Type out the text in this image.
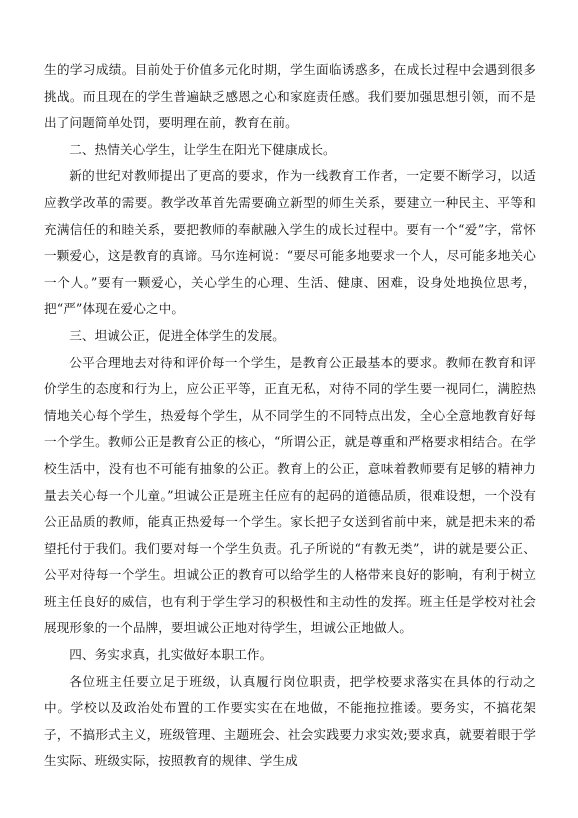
生的学习成绩。目前处于价值多元化时期，学生面临诱惑多，在成长过程中会遇到很多挑战。而且现在的学生普遍缺乏感恩之心和家庭责任感。我们要加强思想引领，而不是出了问题简单处罚，要明理在前，教育在前。

二、热情关心学生，让学生在阳光下健康成长。

新的世纪对教师提出了更高的要求，作为一线教育工作者，一定要不断学习，以适应教学改革的需要。教学改革首先需要确立新型的师生关系，要建立一种民主、平等和充满信任的和睦关系，要把教师的奉献融入学生的成长过程中。要有一个“爱”字，常怀一颗爱心，这是教育的真谛。马尔连柯说：“要尽可能多地要求一个人，尽可能多地关心一个人。”要有一颗爱心，关心学生的心理、生活、健康、困难，设身处地换位思考，把“严”体现在爱心之中。

三、坦诚公正，促进全体学生的发展。

公平合理地去对待和评价每一个学生，是教育公正最基本的要求。教师在教育和评价学生的态度和行为上，应公正平等，正直无私，对待不同的学生要一视同仁，满腔热情地关心每个学生，热爱每个学生，从不同学生的不同特点出发，全心全意地教育好每一个学生。教师公正是教育公正的核心，“所谓公正，就是尊重和严格要求相结合。在学校生活中，没有也不可能有抽象的公正。教育上的公正，意味着教师要有足够的精神力量去关心每一个儿童。”坦诚公正是班主任应有的起码的道德品质，很难设想，一个没有公正品质的教师，能真正热爱每一个学生。家长把子女送到省前中来，就是把未来的希望托付于我们。我们要对每一个学生负责。孔子所说的“有教无类”，讲的就是要公正、公平对待每一个学生。坦诚公正的教育可以给学生的人格带来良好的影响，有利于树立班主任良好的威信，也有利于学生学习的积极性和主动性的发挥。班主任是学校对社会展现形象的一个品牌，要坦诚公正地对待学生，坦诚公正地做人。

四、务实求真，扎实做好本职工作。

各位班主任要立足于班级，认真履行岗位职责，把学校要求落实在具体的行动之中。学校以及政治处布置的工作要实实在在地做，不能拖拉推诿。要务实，不搞花架子，不搞形式主义，班级管理、主题班会、社会实践要力求实效;要求真，就要着眼于学生实际、班级实际，按照教育的规律、学生成
